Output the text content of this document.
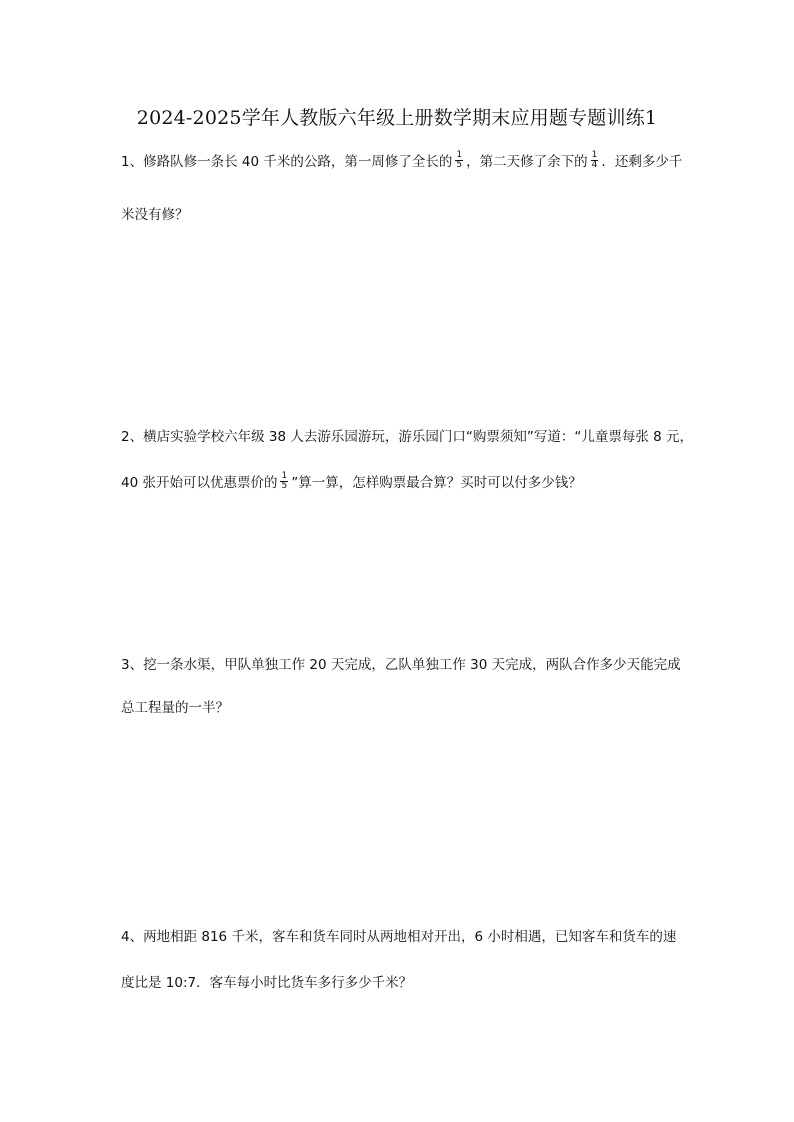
2024-2025学年人教版六年级上册数学期末应用题专题训练1
1、修路队修一条长 40 千米的公路，第一周修了全长的 $\frac{1}{5}$ ，第二天修了余下的 $\frac{1}{4}$ ．还剩多少千
米没有修？
2、横店实验学校六年级 38 人去游乐园游玩，游乐园门口“购票须知”写道：“儿童票每张 8 元，
40 张开始可以优惠票价的 $\frac{1}{5}$ ”算一算，怎样购票最合算？买时可以付多少钱？
3、挖一条水渠，甲队单独工作 20 天完成，乙队单独工作 30 天完成，两队合作多少天能完成
总工程量的一半？
4、两地相距 816 千米，客车和货车同时从两地相对开出，6 小时相遇，已知客车和货车的速
度比是 10:7．客车每小时比货车多行多少千米？
